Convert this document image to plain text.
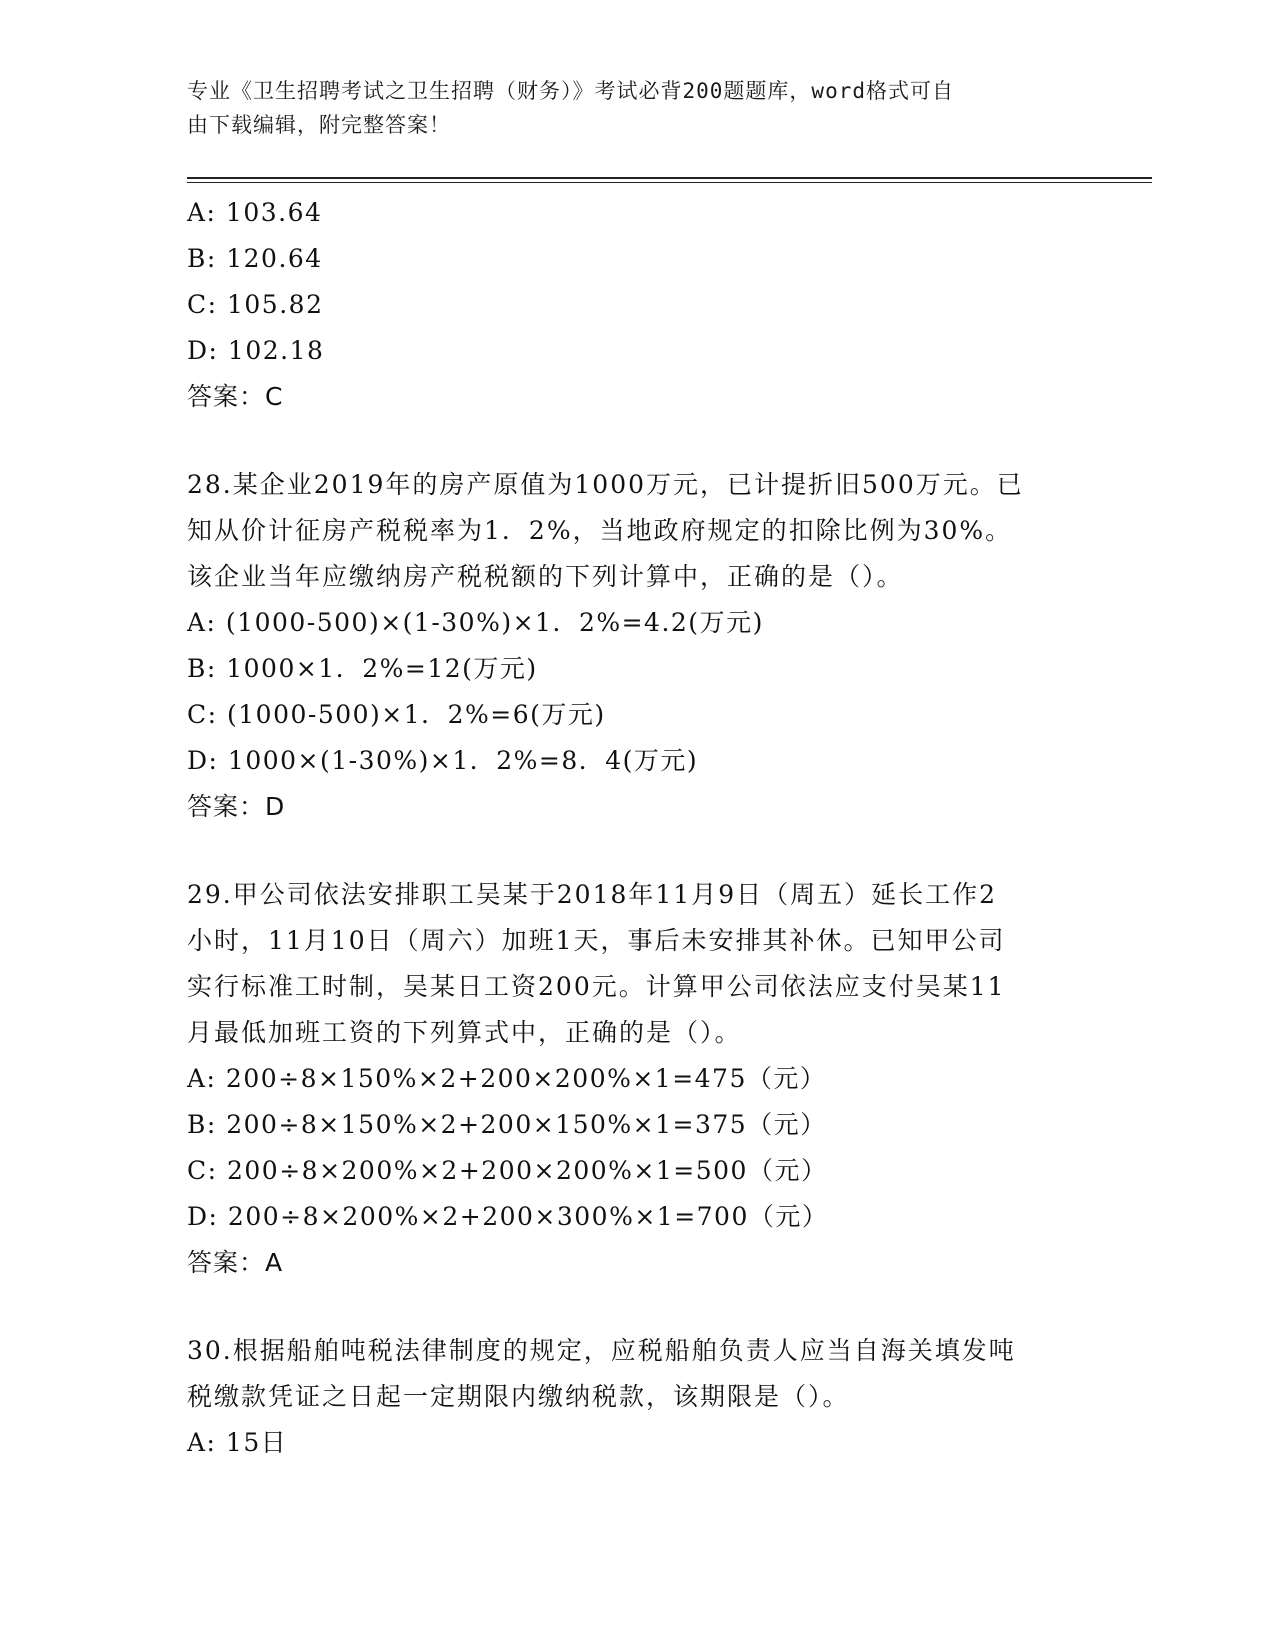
专业《卫生招聘考试之卫生招聘（财务）》考试必背200题题库，word格式可自
由下载编辑，附完整答案！
A: 103.64
B: 120.64
C: 105.82
D: 102.18
答案：C
28.某企业2019年的房产原值为1000万元，已计提折旧500万元。已
知从价计征房产税税率为1．2%，当地政府规定的扣除比例为30%。
该企业当年应缴纳房产税税额的下列计算中，正确的是（）。
A: (1000-500)×(1-30%)×1．2%=4.2(万元)
B: 1000×1．2%=12(万元)
C: (1000-500)×1．2%=6(万元)
D: 1000×(1-30%)×1．2%=8．4(万元)
答案：D
29.甲公司依法安排职工吴某于2018年11月9日（周五）延长工作2
小时，11月10日（周六）加班1天，事后未安排其补休。已知甲公司
实行标准工时制，吴某日工资200元。计算甲公司依法应支付吴某11
月最低加班工资的下列算式中，正确的是（）。
A: 200÷8×150%×2+200×200%×1=475（元）
B: 200÷8×150%×2+200×150%×1=375（元）
C: 200÷8×200%×2+200×200%×1=500（元）
D: 200÷8×200%×2+200×300%×1=700（元）
答案：A
30.根据船舶吨税法律制度的规定，应税船舶负责人应当自海关填发吨
税缴款凭证之日起一定期限内缴纳税款，该期限是（）。
A: 15日
